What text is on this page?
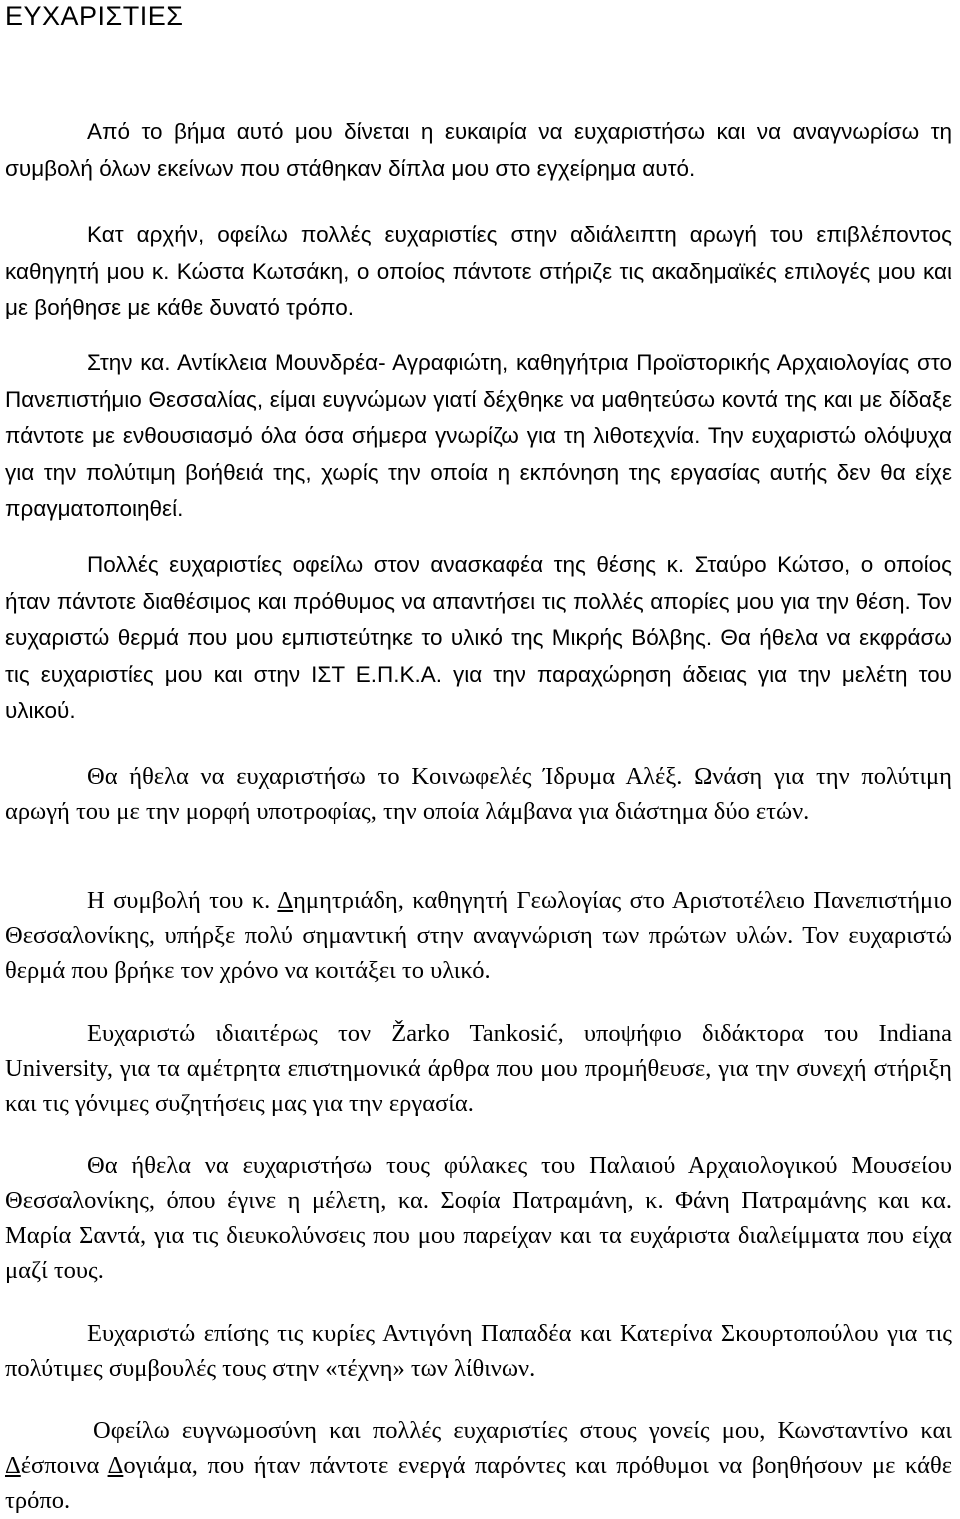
ΕΥΧΑΡΙΣΤΙΕΣ

Από το βήμα αυτό μου δίνεται η ευκαιρία να ευχαριστήσω και να αναγνωρίσω τη συμβολή όλων εκείνων που στάθηκαν δίπλα μου στο εγχείρημα αυτό.

Κατ αρχήν, οφείλω πολλές ευχαριστίες στην αδιάλειπτη αρωγή του επιβλέποντος καθηγητή μου κ. Κώστα Κωτσάκη, ο οποίος πάντοτε στήριζε τις ακαδημαϊκές επιλογές μου και με βοήθησε με κάθε δυνατό τρόπο.

Στην κα. Αντίκλεια Μουνδρέα- Αγραφιώτη, καθηγήτρια Προϊστορικής Αρχαιολογίας στο Πανεπιστήμιο Θεσσαλίας, είμαι ευγνώμων γιατί δέχθηκε να μαθητεύσω κοντά της και με δίδαξε πάντοτε με ενθουσιασμό όλα όσα σήμερα γνωρίζω για τη λιθοτεχνία. Την ευχαριστώ ολόψυχα για την πολύτιμη βοήθειά της, χωρίς την οποία η εκπόνηση της εργασίας αυτής δεν θα είχε πραγματοποιηθεί.

Πολλές ευχαριστίες οφείλω στον ανασκαφέα της θέσης κ. Σταύρο Κώτσο, ο οποίος ήταν πάντοτε διαθέσιμος και πρόθυμος να απαντήσει τις πολλές απορίες μου για την θέση. Τον ευχαριστώ θερμά που μου εμπιστεύτηκε το υλικό της Μικρής Βόλβης. Θα ήθελα να εκφράσω τις ευχαριστίες μου και στην ΙΣΤ Ε.Π.Κ.Α. για την παραχώρηση άδειας για την μελέτη του υλικού.

Θα ήθελα να ευχαριστήσω το Κοινωφελές Ίδρυμα Αλέξ. Ωνάση για την πολύτιμη αρωγή του με την μορφή υποτροφίας, την οποία λάμβανα για διάστημα δύο ετών.

Η συμβολή του κ. Δημητριάδη, καθηγητή Γεωλογίας στο Αριστοτέλειο Πανεπιστήμιο Θεσσαλονίκης, υπήρξε πολύ σημαντική στην αναγνώριση των πρώτων υλών. Τον ευχαριστώ θερμά που βρήκε τον χρόνο να κοιτάξει το υλικό.

Ευχαριστώ ιδιαιτέρως τον Žarko Tankosić, υποψήφιο διδάκτορα του Indiana University, για τα αμέτρητα επιστημονικά άρθρα που μου προμήθευσε, για την συνεχή στήριξη και τις γόνιμες συζητήσεις μας για την εργασία.

Θα ήθελα να ευχαριστήσω τους φύλακες του Παλαιού Αρχαιολογικού Μουσείου Θεσσαλονίκης, όπου έγινε η μέλετη, κα. Σοφία Πατραμάνη, κ. Φάνη Πατραμάνης και κα. Μαρία Σαντά, για τις διευκολύνσεις που μου παρείχαν και τα ευχάριστα διαλείμματα που είχα μαζί τους.

Ευχαριστώ επίσης τις κυρίες Αντιγόνη Παπαδέα και Κατερίνα Σκουρτοπούλου για τις πολύτιμες συμβουλές τους στην «τέχνη» των λίθινων.

Οφείλω ευγνωμοσύνη και πολλές ευχαριστίες στους γονείς μου, Κωνσταντίνο και Δέσποινα Δογιάμα, που ήταν πάντοτε ενεργά παρόντες και πρόθυμοι να βοηθήσουν με κάθε τρόπο.
